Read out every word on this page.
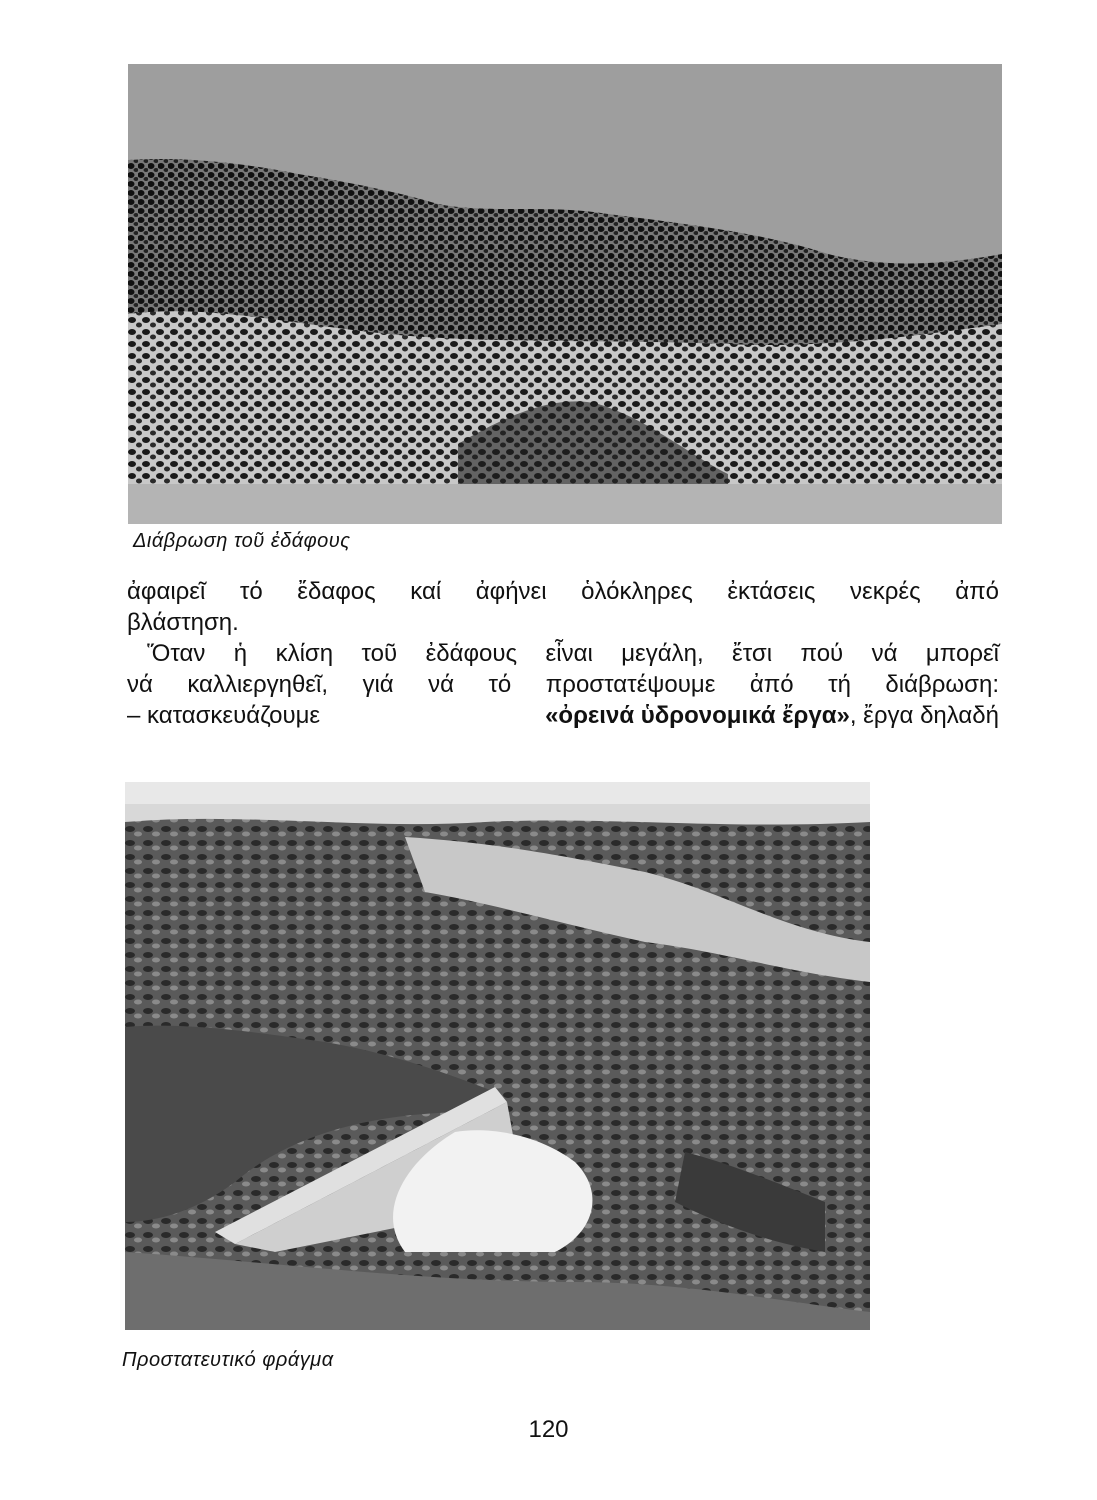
Διάβρωση τοῦ ἐδάφους
ἀφαιρεῖ τό ἔδαφος καί ἀφήνει ὁλόκληρες ἐκτάσεις νεκρές ἀπό
βλάστηση.
Ὅταν ἡ κλίση τοῦ ἐδάφους εἶναι μεγάλη, ἔτσι πού νά μπορεῖ
νά καλλιεργηθεῖ, γιά νά τό προστατέψουμε ἀπό τή διάβρωση:
– κατασκευάζουμε	«ὀρεινά ὑδρονομικά ἔργα», ἔργα δηλαδή
Προστατευτικό φράγμα
120
